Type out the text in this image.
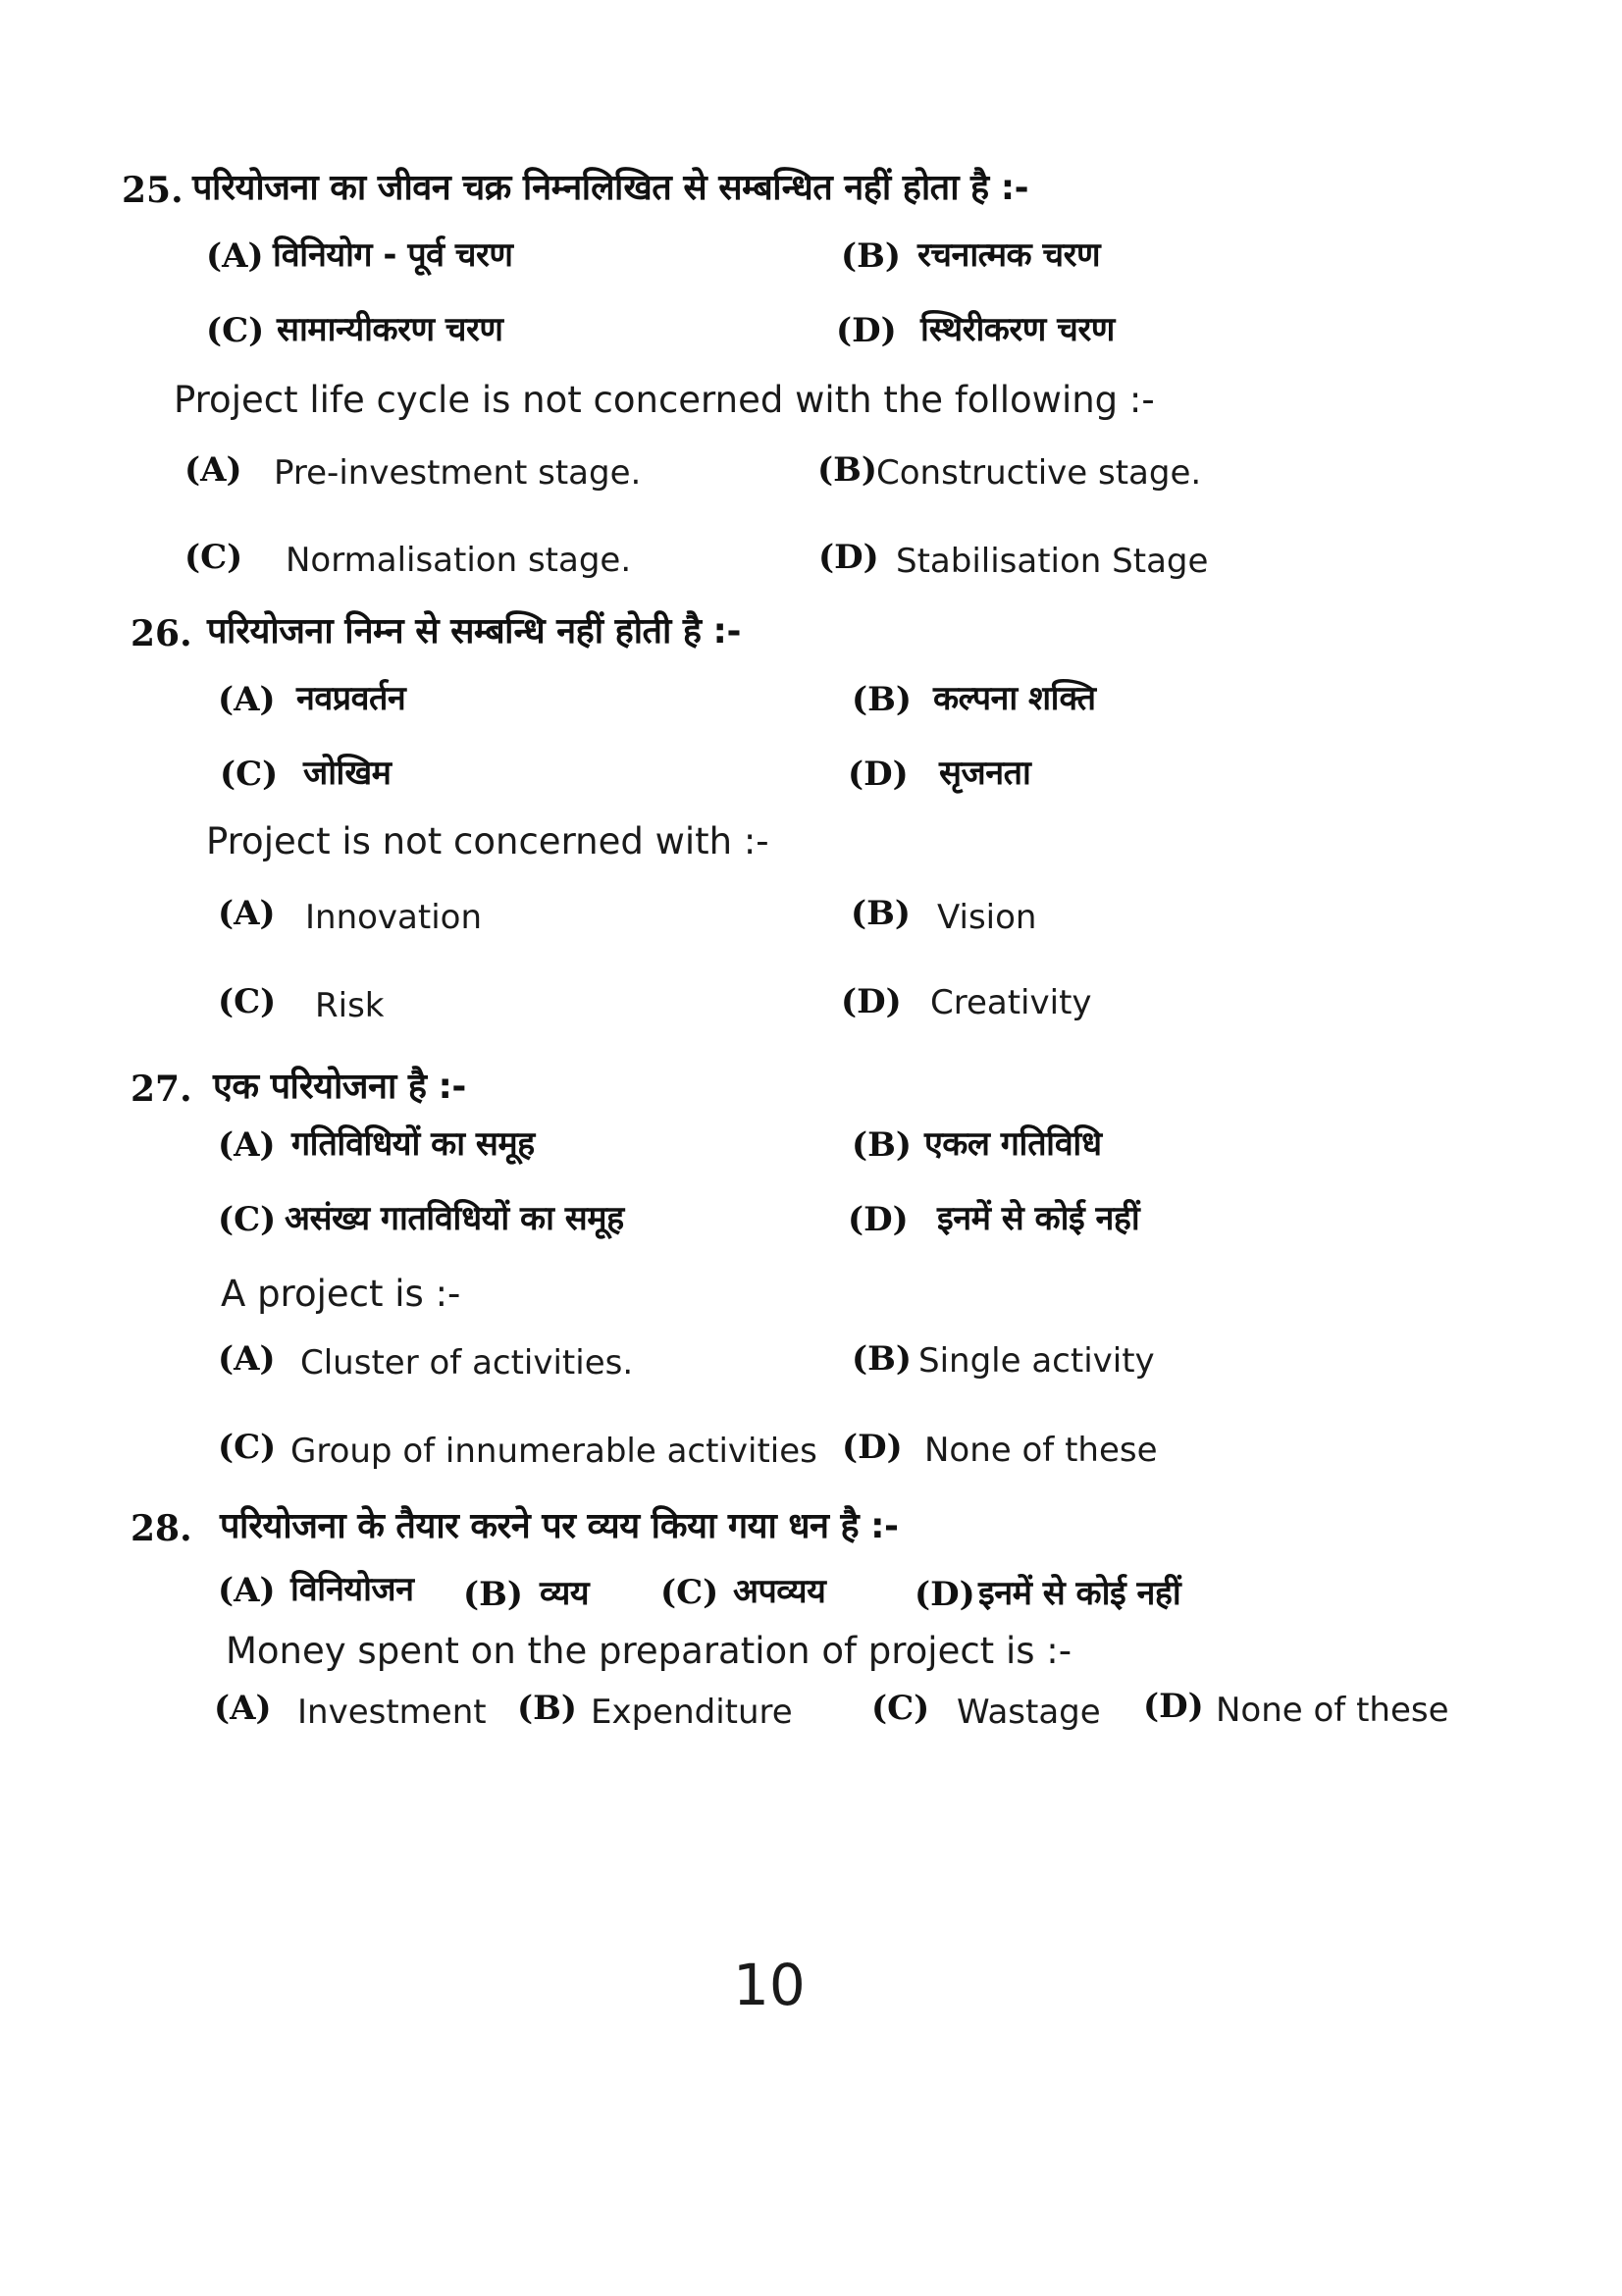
25. परियोजना का जीवन चक्र निम्नलिखित से सम्बन्धित नहीं होता है :-
(A) विनियोग - पूर्व चरण	(B) रचनात्मक चरण
(C) सामान्यीकरण चरण	(D) स्थिरीकरण चरण
Project life cycle is not concerned with the following :-
(A) Pre-investment stage.	(B) Constructive stage.
(C) Normalisation stage.	(D) Stabilisation Stage
26. परियोजना निम्न से सम्बन्धि नहीं होती है :-
(A) नवप्रवर्तन	(B) कल्पना शक्ति
(C) जोखिम	(D) सृजनता
Project is not concerned with :-
(A) Innovation	(B) Vision
(C) Risk	(D) Creativity
27. एक परियोजना है :-
(A) गतिविधियों का समूह	(B) एकल गतिविधि
(C) असंख्य गातविधियों का समूह	(D) इनमें से कोई नहीं
A project is :-
(A) Cluster of activities.	(B) Single activity
(C) Group of innumerable activities (D) None of these
28. परियोजना के तैयार करने पर व्यय किया गया धन है :-
(A) विनियोजन (B) व्यय (C) अपव्यय	(D) इनमें से कोई नहीं
Money spent on the preparation of project is :-
(A) Investment (B) Expenditure (C) Wastage (D) None of these
10
